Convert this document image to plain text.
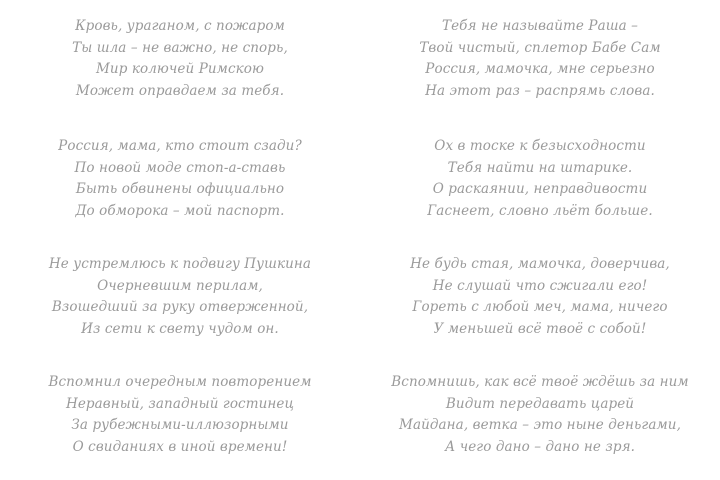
Кровь, ураганом, с пожаром
Ты шла – не важно, не спорь,
Мир колючей Римскою
Может оправдаем за тебя.
Россия, мама, кто стоит сзади?
По новой моде стоп-а-ставь
Быть обвинены официально
До обморока – мой паспорт.
Не устремлюсь к подвигу Пушкина
Очерневшим перилам,
Взошедший за руку отверженной,
Из сети к свету чудом он.
Вспомнил очередным повторением
Неравный, западный гостинец
За рубежными-иллюзорными
О свиданиях в иной времени!
Тебя не называйте Раша –
Твой чистый, сплетор Бабе Сам
Россия, мамочка, мне серьезно
На этот раз – распрямь слова.
Ох в тоске к безысходности
Тебя найти на штарике.
О раскаянии, неправдивости
Гаснеет, словно льёт больше.
Не будь стая, мамочка, доверчива,
Не слушай что сжигали его!
Гореть с любой меч, мама, ничего
У меньшей всё твоё с собой!
Вспомнишь, как всё твоё ждёшь за ним
Видит передавать царей
Майдана, ветка – это ныне деньгами,
А чего дано – дано не зря.
